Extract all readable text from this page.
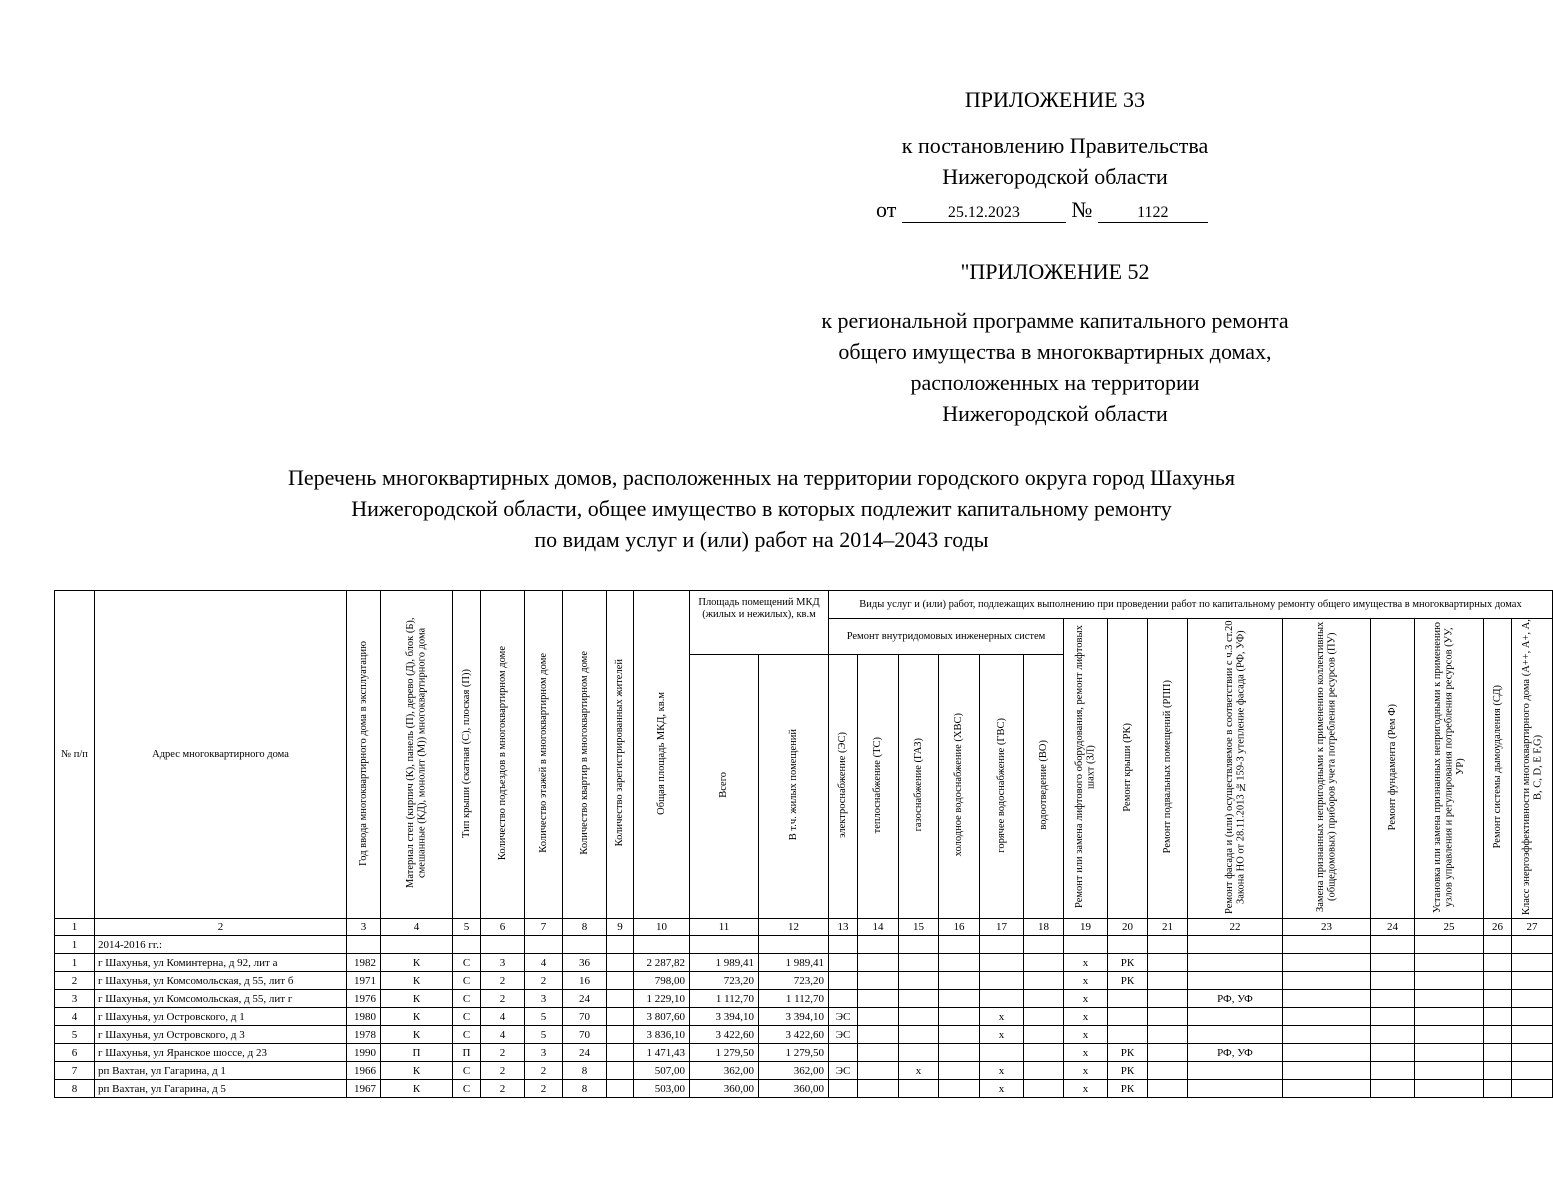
ПРИЛОЖЕНИЕ 33
к постановлению Правительства
Нижегородской области
от	25.12.2023 №	1122
"ПРИЛОЖЕНИЕ 52
к региональной программе капитального ремонта
общего имущества в многоквартирных домах,
расположенных на территории
Нижегородской области
Перечень многоквартирных домов, расположенных на территории городского округа город Шахунья
Нижегородской области, общее имущество в которых подлежит капитальному ремонту
по видам услуг и (или) работ на 2014–2043 годы
№ п/п	Адрес многоквартирного дома	Год ввода многоквартирного дома в эксплуатацию	Материал стен (кирпич (К), панель (П), дерево (Д), блок (Б), смешанные (КД), монолит (М)) многоквартирного дома	Тип крыши (скатная (С), плоская (П))	Количество подъездов в многоквартирном доме	Количество этажей в многоквартирном доме	Количество квартир в многоквартирном доме	Количество зарегистрированных жителей	Общая площадь МКД, кв.м	Площадь помещений МКД (жилых и нежилых), кв.м		Виды услуг и (или) работ, подлежащих выполнению при проведении работ по капитальному ремонту общего имущества в многоквартирных домах														
												Ремонт внутридомовых инженерных систем						Ремонт или замена лифтового оборудования, ремонт лифтовых шахт (ЗЛ)	Ремонт крыши (РК)	Ремонт подвальных помещений (РПП)	Ремонт фасада и (или) осуществляемое в соответствии с ч.3 ст.20 Закона НО от 28.11.2013 №159-З утепление фасада (РФ, УФ)	Замена признанных непригодными к применению коллективных (общедомовых) приборов учета потребления ресурсов (ПУ)	Ремонт фундамента (Рем Ф)	Установка или замена признанных непригодными к применению узлов управления и регулирования потребления ресурсов (УУ, УР)	Ремонт системы дымоудаления (СД)	Класс энергоэффективности многоквартирного дома (А++, А+, А, B, C, D, E F,G)
										Всего	В т.ч. жилых помещений	электроснабжение (ЭС)	теплоснабжение (ТС)	газоснабжение (ГАЗ)	холодное водоснабжение (ХВС)	горячее водоснабжение (ГВС)	водоотведение (ВО)									
1	2	3	4	5	6	7	8	9	10	11	12	13	14	15	16	17	18	19	20	21	22	23	24	25	26	27
1	2014-2016 гг.:																									
1	г Шахунья, ул Коминтерна, д 92, лит а	1982	К	С	3	4	36		2 287,82	1 989,41	1 989,41							х	РК							
2	г Шахунья, ул Комсомольская, д 55, лит б	1971	К	С	2	2	16		798,00	723,20	723,20							х	РК							
3	г Шахунья, ул Комсомольская, д 55, лит г	1976	К	С	2	3	24		1 229,10	1 112,70	1 112,70							х			РФ, УФ					
4	г Шахунья, ул Островского, д 1	1980	К	С	4	5	70		3 807,60	3 394,10	3 394,10	ЭС				х		х								
5	г Шахунья, ул Островского, д 3	1978	К	С	4	5	70		3 836,10	3 422,60	3 422,60	ЭС				х		х								
6	г Шахунья, ул Яранское шоссе, д 23	1990	П	П	2	3	24		1 471,43	1 279,50	1 279,50							х	РК		РФ, УФ					
7	рп Вахтан, ул Гагарина, д 1	1966	К	С	2	2	8		507,00	362,00	362,00	ЭС		х		х		х	РК							
8	рп Вахтан, ул Гагарина, д 5	1967	К	С	2	2	8		503,00	360,00	360,00					х		х	РК							
